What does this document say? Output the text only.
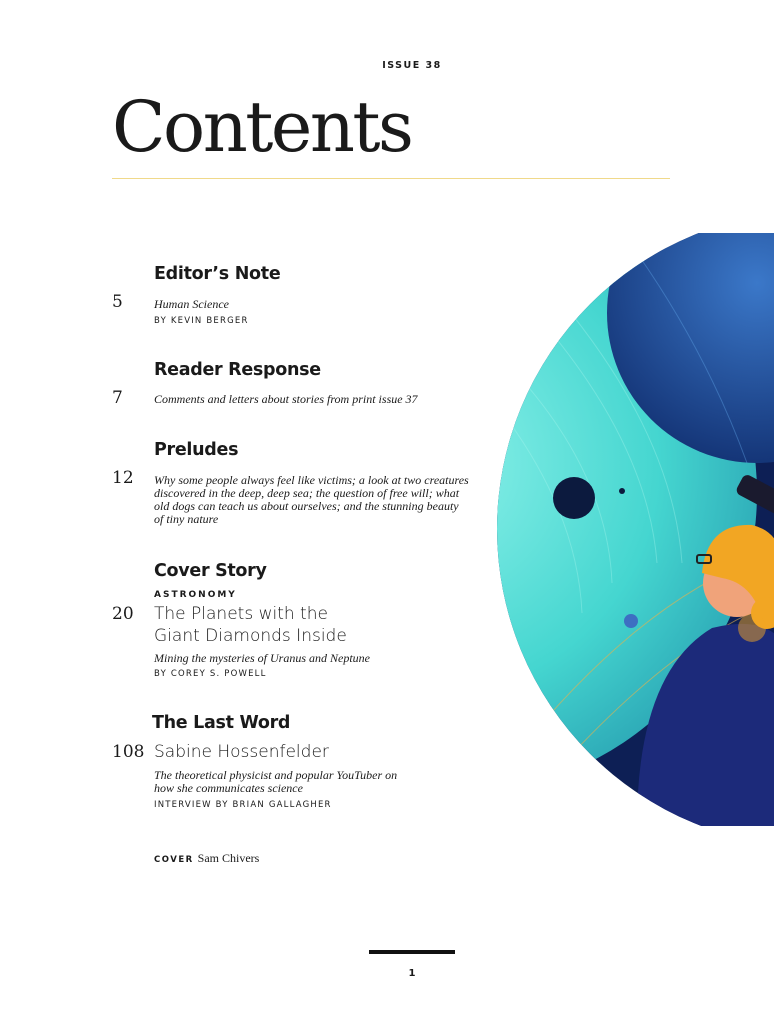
ISSUE 38
Contents
Editor’s Note
5	Human Science
BY KEVIN BERGER
Reader Response
7	Comments and letters about stories from print issue 37
Preludes
12 Why some people always feel like victims; a look at two creatures discovered in the deep, deep sea; the question of free will; what old dogs can teach us about ourselves; and the stunning beauty of tiny nature
Cover Story
ASTRONOMY
20 The Planets with the
Giant Diamonds Inside
Mining the mysteries of Uranus and Neptune
BY COREY S. POWELL
The Last Word
108 Sabine Hossenfelder
The theoretical physicist and popular YouTuber on how she communicates science
INTERVIEW BY BRIAN GALLAGHER
COVER Sam Chivers
1
